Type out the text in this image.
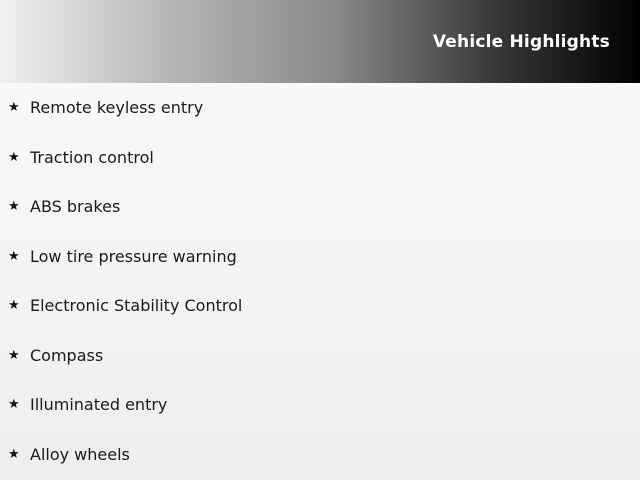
Vehicle Highlights
★ Remote keyless entry
★ Traction control
★ ABS brakes
★ Low tire pressure warning
★ Electronic Stability Control
★ Compass
★ Illuminated entry
★ Alloy wheels
